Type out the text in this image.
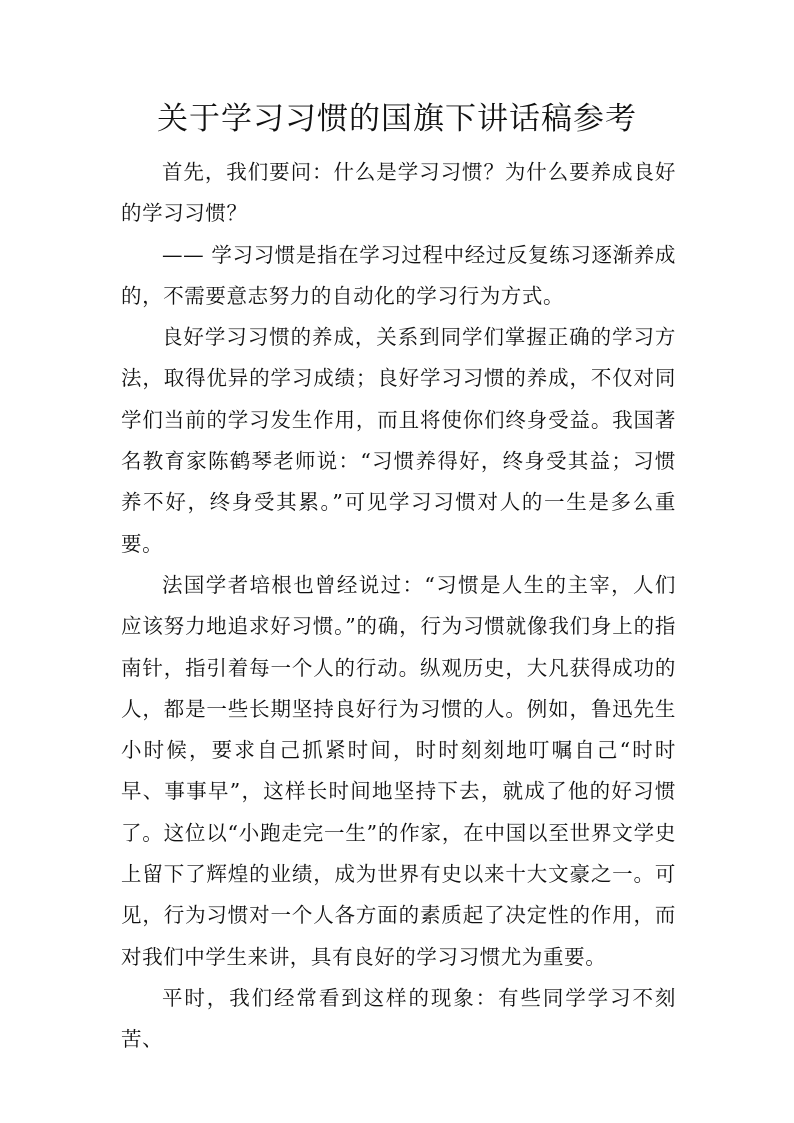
关于学习习惯的国旗下讲话稿参考

首先，我们要问：什么是学习习惯？为什么要养成良好的学习习惯？

—— 学习习惯是指在学习过程中经过反复练习逐渐养成的，不需要意志努力的自动化的学习行为方式。

良好学习习惯的养成，关系到同学们掌握正确的学习方法，取得优异的学习成绩；良好学习习惯的养成，不仅对同学们当前的学习发生作用，而且将使你们终身受益。我国著名教育家陈鹤琴老师说：“习惯养得好，终身受其益；习惯养不好，终身受其累。”可见学习习惯对人的一生是多么重要。

法国学者培根也曾经说过：“习惯是人生的主宰，人们应该努力地追求好习惯。”的确，行为习惯就像我们身上的指南针，指引着每一个人的行动。纵观历史，大凡获得成功的人，都是一些长期坚持良好行为习惯的人。例如，鲁迅先生小时候，要求自己抓紧时间，时时刻刻地叮嘱自己“时时早、事事早”，这样长时间地坚持下去，就成了他的好习惯了。这位以“小跑走完一生”的作家，在中国以至世界文学史上留下了辉煌的业绩，成为世界有史以来十大文豪之一。可见，行为习惯对一个人各方面的素质起了决定性的作用，而对我们中学生来讲，具有良好的学习习惯尤为重要。

平时，我们经常看到这样的现象：有些同学学习不刻苦、
